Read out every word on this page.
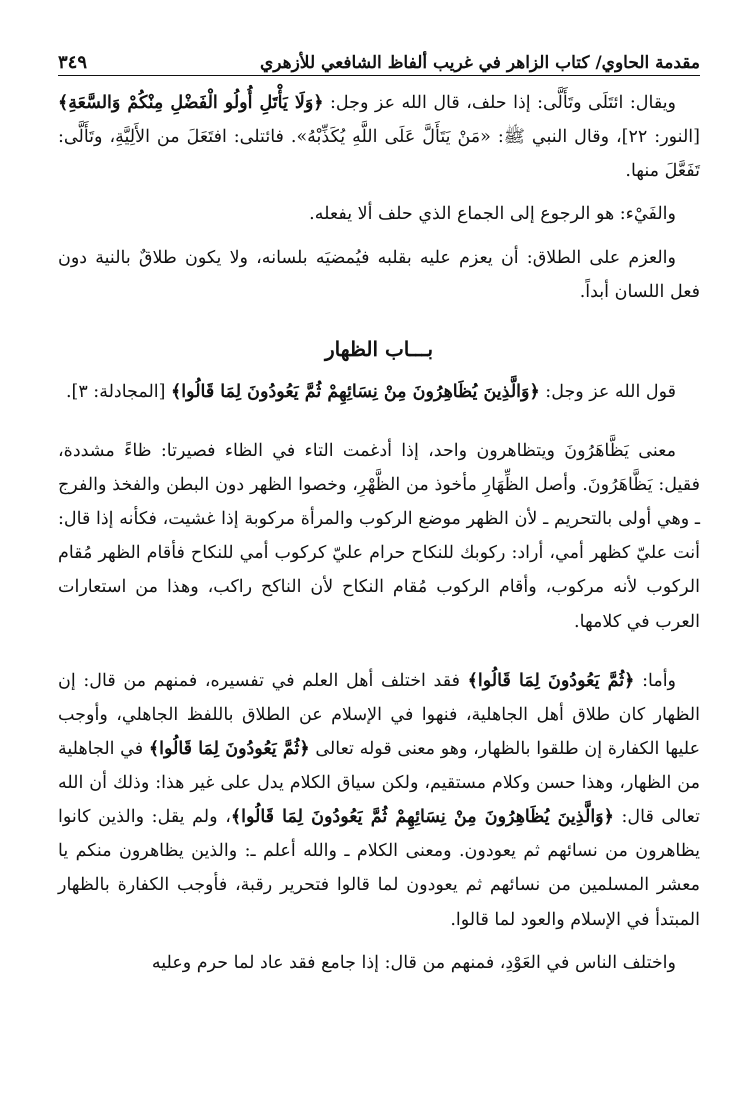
مقدمة الحاوي/ كتاب الزاهر في غريب ألفاظ الشافعي للأزهري
٣٤٩

ويقال: ائتَلَى وتَأَلَّى: إذا حلف، قال الله عز وجل: ﴿وَلَا يَأْتَلِ أُولُو الْفَضْلِ مِنْكُمْ وَالسَّعَةِ﴾ [النور: ٢٢]، وقال النبي ﷺ: «مَنْ يَتَأَلَّ عَلَى اللَّهِ يُكَذِّبْهُ». فائتلى: افتَعَلَ من الأَلِيَّةِ، وتَأَلَّى: تَفَعَّلَ منها.

والفَيْء: هو الرجوع إلى الجماع الذي حلف ألا يفعله.

والعزم على الطلاق: أن يعزم عليه بقلبه فيُمضيَه بلسانه، ولا يكون طلاقٌ بالنية دون فعل اللسان أبداً.

بـــاب الظهار

قول الله عز وجل: ﴿وَالَّذِينَ يُظَاهِرُونَ مِنْ نِسَائِهِمْ ثُمَّ يَعُودُونَ لِمَا قَالُوا﴾ [المجادلة: ٣].

معنى يَظَّاهَرُونَ ويتظاهرون واحد، إذا أدغمت التاء في الظاء فصيرتا: ظاءً مشددة، فقيل: يَظَّاهَرُونَ. وأصل الظِّهَارِ مأخوذ من الظَّهْرِ، وخصوا الظهر دون البطن والفخذ والفرج ـ وهي أولى بالتحريم ـ لأن الظهر موضع الركوب والمرأة مركوبة إذا غشيت، فكأنه إذا قال: أنت عليّ كظهر أمي، أراد: ركوبك للنكاح حرام عليّ كركوب أمي للنكاح فأقام الظهر مُقام الركوب لأنه مركوب، وأقام الركوب مُقام النكاح لأن الناكح راكب، وهذا من استعارات العرب في كلامها.

وأما: ﴿ثُمَّ يَعُودُونَ لِمَا قَالُوا﴾ فقد اختلف أهل العلم في تفسيره، فمنهم من قال: إن الظهار كان طلاق أهل الجاهلية، فنهوا في الإسلام عن الطلاق باللفظ الجاهلي، وأوجب عليها الكفارة إن طلقوا بالظهار، وهو معنى قوله تعالى ﴿ثُمَّ يَعُودُونَ لِمَا قَالُوا﴾ في الجاهلية من الظهار، وهذا حسن وكلام مستقيم، ولكن سياق الكلام يدل على غير هذا: وذلك أن الله تعالى قال: ﴿وَالَّذِينَ يُظَاهِرُونَ مِنْ نِسَائِهِمْ ثُمَّ يَعُودُونَ لِمَا قَالُوا﴾، ولم يقل: والذين كانوا يظاهرون من نسائهم ثم يعودون. ومعنى الكلام ـ والله أعلم ـ: والذين يظاهرون منكم يا معشر المسلمين من نسائهم ثم يعودون لما قالوا فتحرير رقبة، فأوجب الكفارة بالظهار المبتدأ في الإسلام والعود لما قالوا.

واختلف الناس في العَوْدِ، فمنهم من قال: إذا جامع فقد عاد لما حرم وعليه
